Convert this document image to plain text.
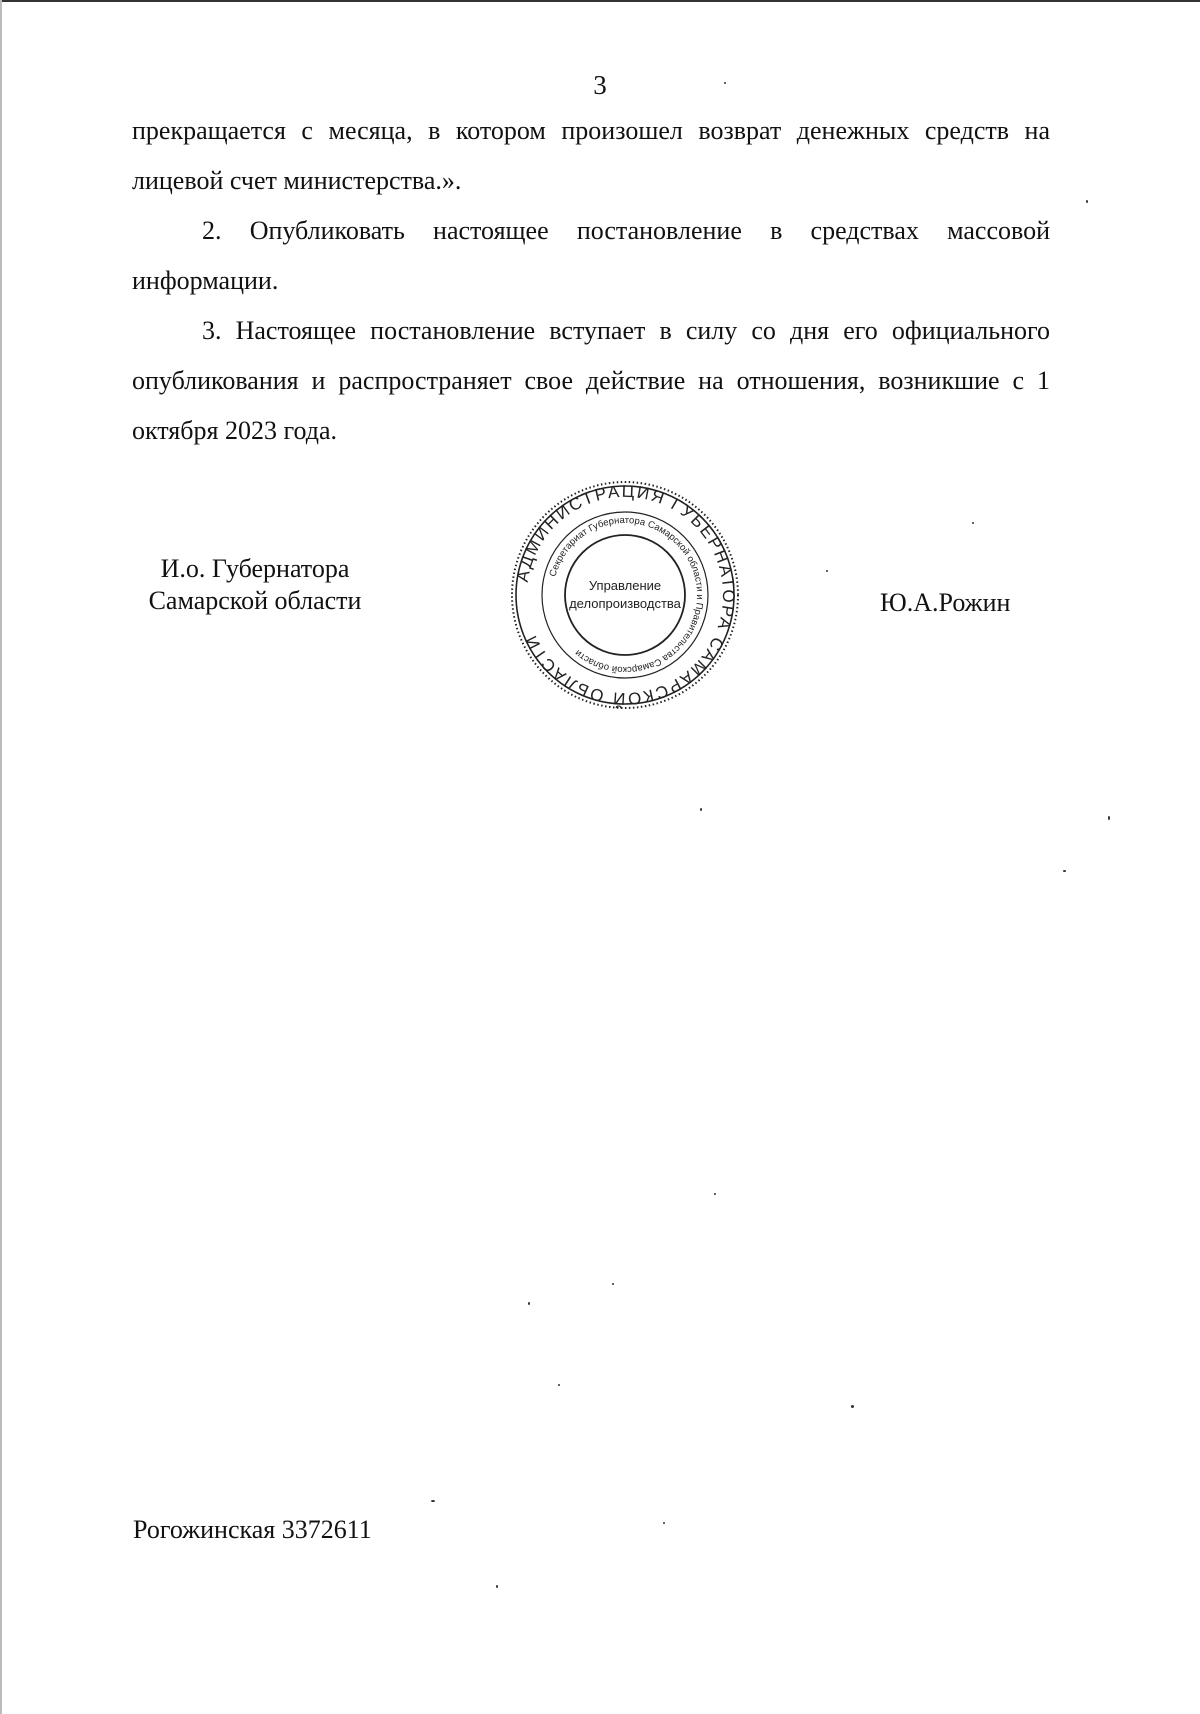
3

прекращается с месяца, в котором произошел возврат денежных средств на лицевой счет министерства.».

2. Опубликовать настоящее постановление в средствах массовой информации.

3. Настоящее постановление вступает в силу со дня его официального опубликования и распространяет свое действие на отношения, возникшие с 1 октября 2023 года.

И.о. Губернатора
Самарской области
АДМИНИСТРАЦИЯ ГУБЕРНАТОРА САМАРСКОЙ ОБЛАСТИ
Секретариат Губернатора Самарской области и Правительства Самарской области
Управление
делопроизводства	Ю.А.Рожин
Рогожинская 3372611
